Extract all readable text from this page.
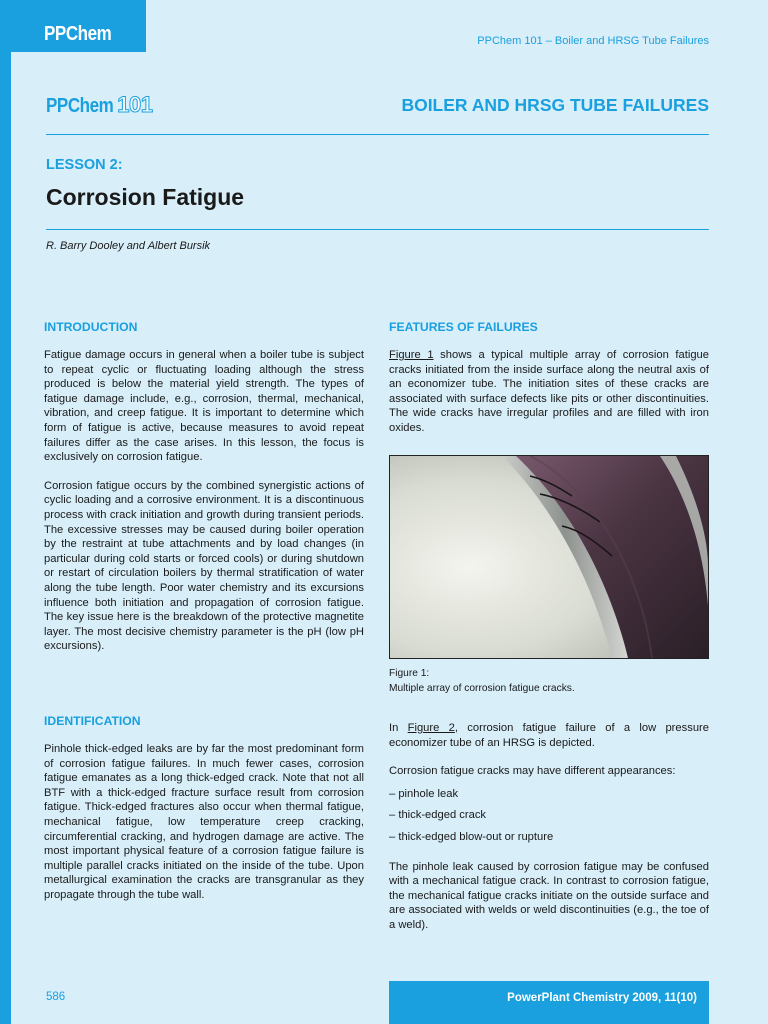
PPChem	PPChem 101 – Boiler and HRSG Tube Failures
PPChem 101	BOILER AND HRSG TUBE FAILURES
LESSON 2:
Corrosion Fatigue
R. Barry Dooley and Albert Bursik
INTRODUCTION

Fatigue damage occurs in general when a boiler tube is subject to repeat cyclic or fluctuating loading although the stress produced is below the material yield strength. The types of fatigue damage include, e.g., corrosion, thermal, mechanical, vibration, and creep fatigue. It is important to determine which form of fatigue is active, because measures to avoid repeat failures differ as the case arises. In this lesson, the focus is exclusively on corrosion fatigue.

Corrosion fatigue occurs by the combined synergistic actions of cyclic loading and a corrosive environment. It is a discontinuous process with crack initiation and growth during transient periods. The excessive stresses may be caused during boiler operation by the restraint at tube attachments and by load changes (in particular during cold starts or forced cools) or during shutdown or restart of circulation boilers by thermal stratification of water along the tube length. Poor water chemistry and its excursions influence both initiation and propagation of corrosion fatigue. The key issue here is the breakdown of the protective magnetite layer. The most decisive chemistry parameter is the pH (low pH excursions).

IDENTIFICATION

Pinhole thick-edged leaks are by far the most predominant form of corrosion fatigue failures. In much fewer cases, corrosion fatigue emanates as a long thick-edged crack. Note that not all BTF with a thick-edged fracture surface result from corrosion fatigue. Thick-edged fractures also occur when thermal fatigue, mechanical fatigue, low temperature creep cracking, circumferential cracking, and hydrogen damage are active. The most important physical feature of a corrosion fatigue failure is multiple parallel cracks initiated on the inside of the tube. Upon metallurgical examination the cracks are transgranular as they propagate through the tube wall.

FEATURES OF FAILURES

Figure 1 shows a typical multiple array of corrosion fatigue cracks initiated from the inside surface along the neutral axis of an economizer tube. The initiation sites of these cracks are associated with surface defects like pits or other discontinuities. The wide cracks have irregular profiles and are filled with iron oxides.

Figure 1:
Multiple array of corrosion fatigue cracks.

In Figure 2, corrosion fatigue failure of a low pressure economizer tube of an HRSG is depicted.

Corrosion fatigue cracks may have different appearances:

– pinhole leak

– thick-edged crack

– thick-edged blow-out or rupture

The pinhole leak caused by corrosion fatigue may be confused with a mechanical fatigue crack. In contrast to corrosion fatigue, the mechanical fatigue cracks initiate on the outside surface and are associated with welds or weld discontinuities (e.g., the toe of a weld).

586	PowerPlant Chemistry 2009, 11(10)
